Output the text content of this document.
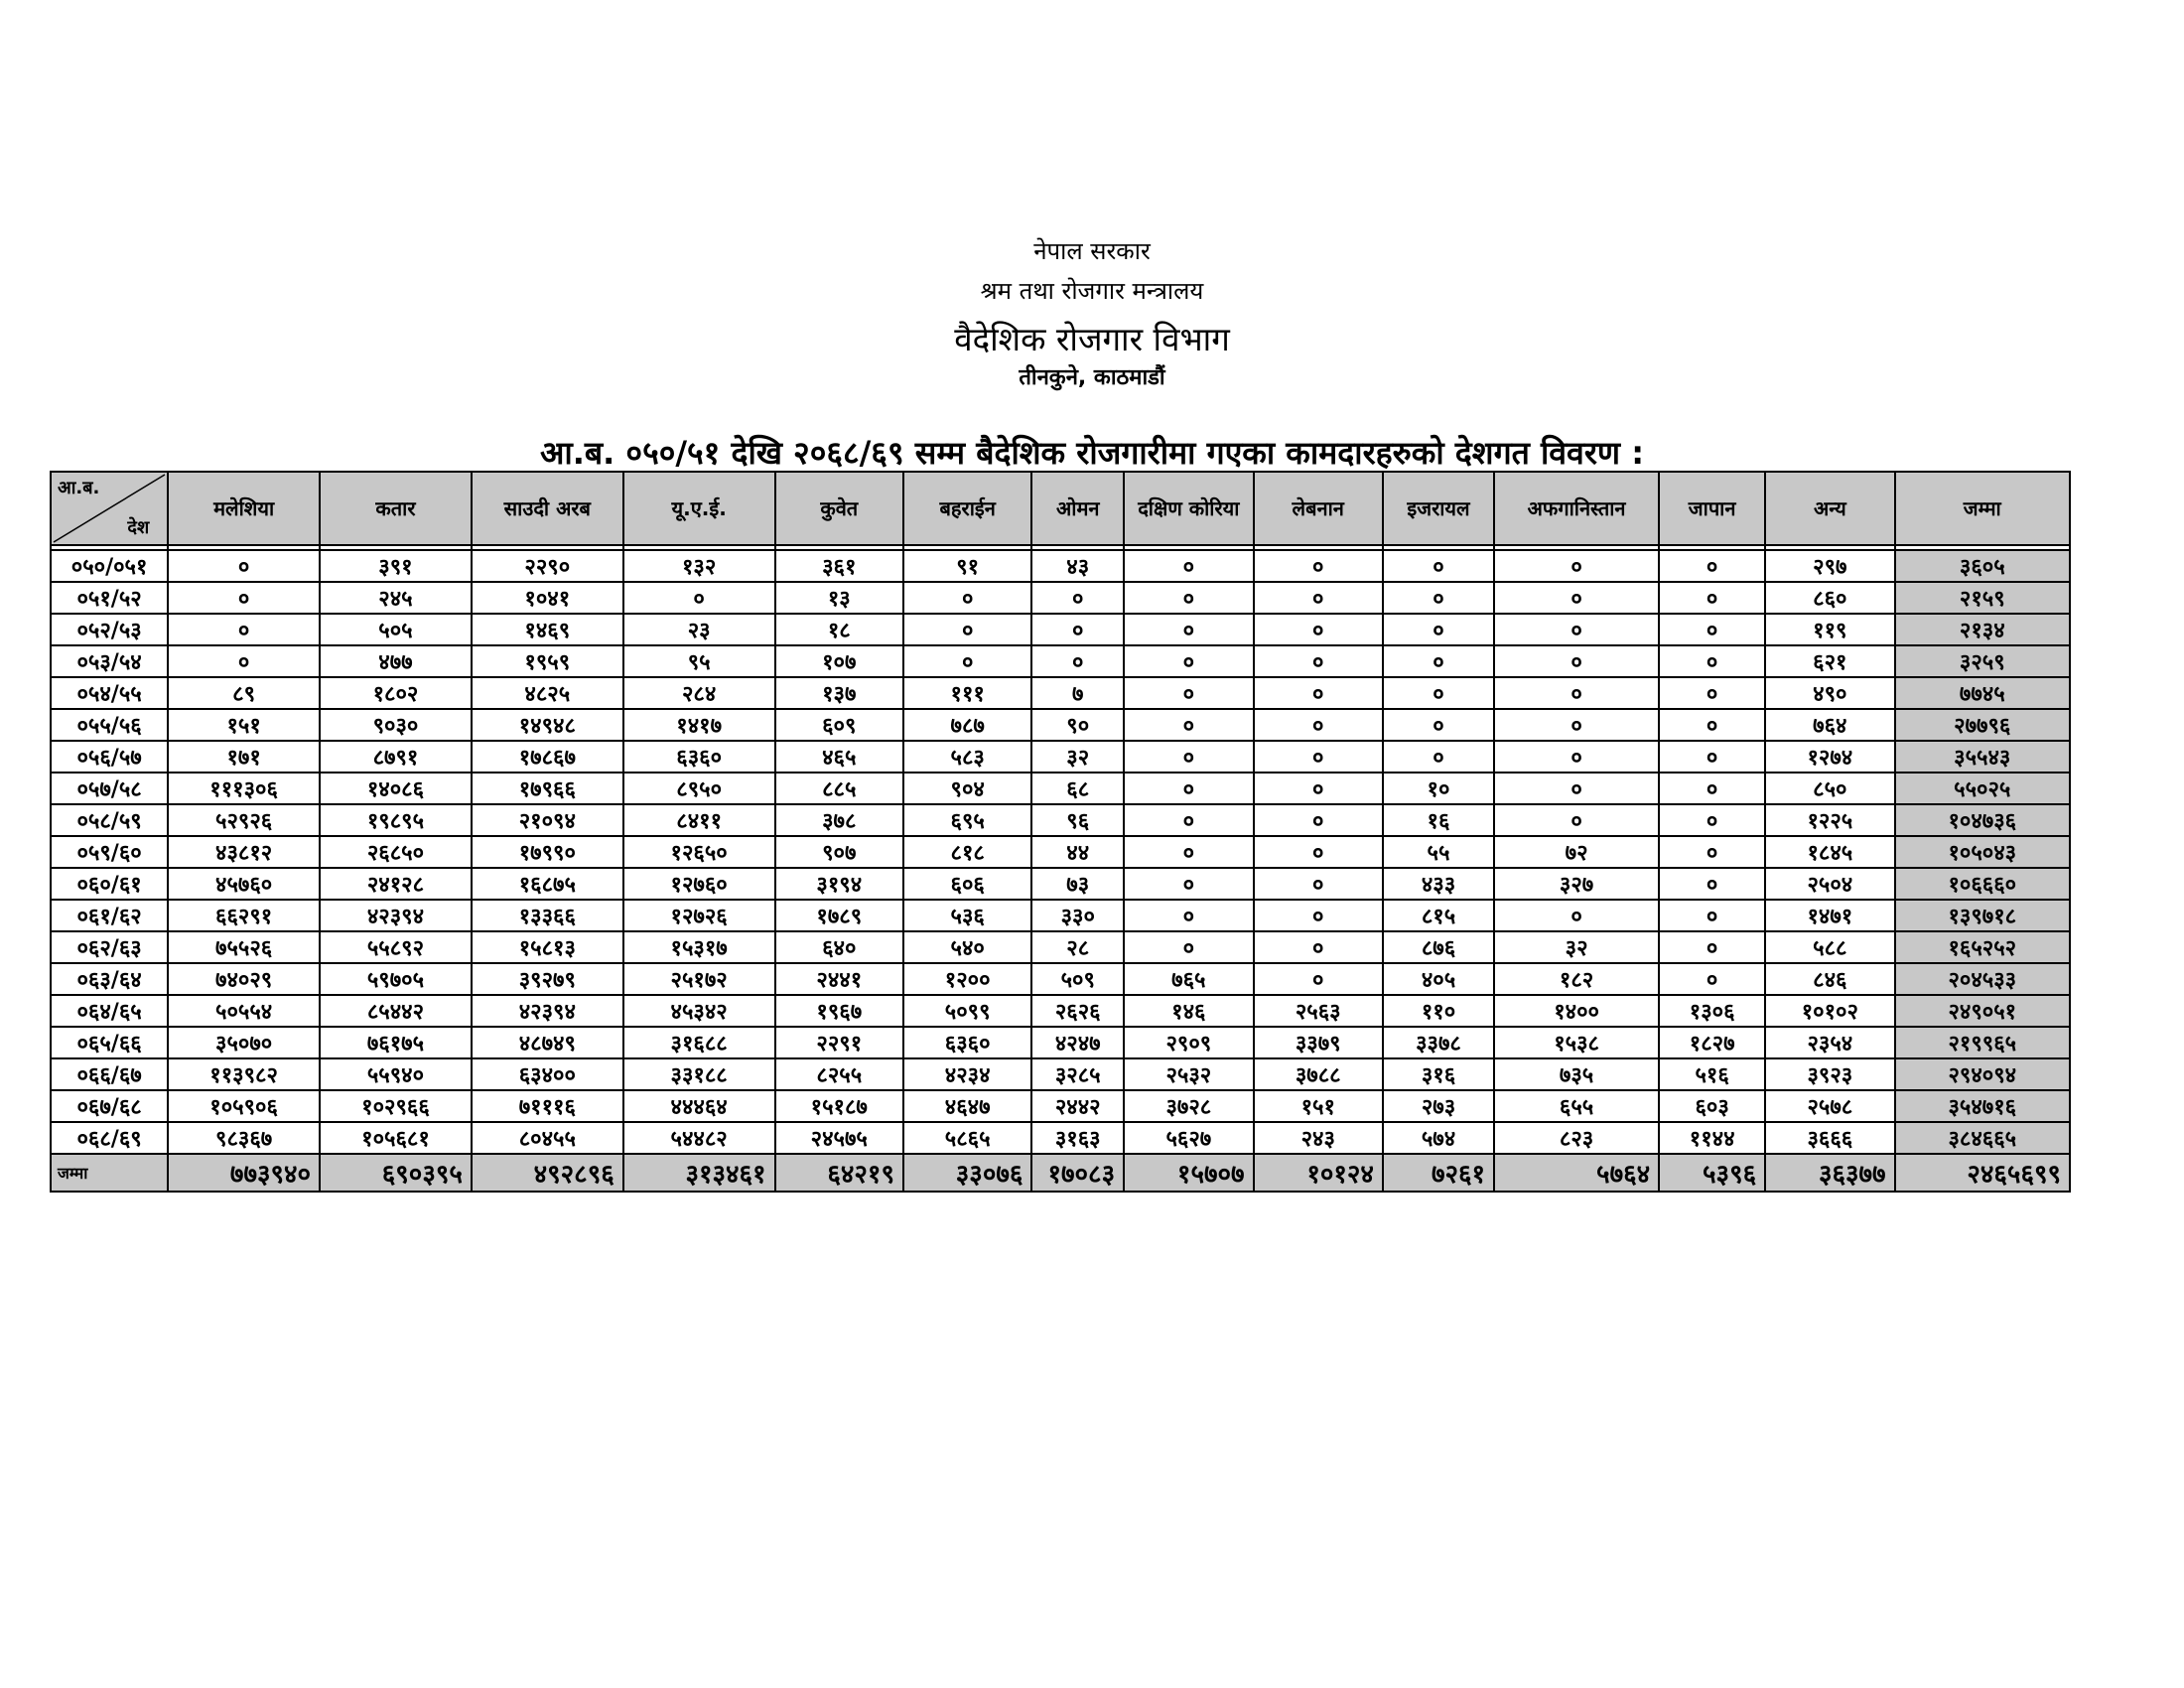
नेपाल सरकार
श्रम तथा रोजगार मन्त्रालय
वैदेशिक रोजगार विभाग
तीनकुने, काठमाडौं
आ.ब. ०५०/५१ देखि २०६८/६९ सम्म बैदेशिक रोजगारीमा गएका कामदारहरुको देशगत विवरण :
आ.ब.
देश	मलेशिया	कतार	साउदी अरब	यू.ए.ई.	कुवेत	बहराईन	ओमन	दक्षिण कोरिया	लेबनान	इजरायल	अफगानिस्तान	जापान	अन्य	जम्मा

०५०/०५१	०	३९१	२२९०	१३२	३६१	९१	४३	०	०	०	०	०	२९७	३६०५
०५१/५२	०	२४५	१०४१	०	१३	०	०	०	०	०	०	०	८६०	२१५९
०५२/५३	०	५०५	१४६९	२३	१८	०	०	०	०	०	०	०	११९	२१३४
०५३/५४	०	४७७	१९५९	९५	१०७	०	०	०	०	०	०	०	६२१	३२५९
०५४/५५	८९	१८०२	४८२५	२८४	१३७	१११	७	०	०	०	०	०	४९०	७७४५
०५५/५६	१५१	९०३०	१४९४८	१४१७	६०९	७८७	९०	०	०	०	०	०	७६४	२७७९६
०५६/५७	१७१	८७९१	१७८६७	६३६०	४६५	५८३	३२	०	०	०	०	०	१२७४	३५५४३
०५७/५८	१११३०६	१४०८६	१७९६६	८९५०	८८५	९०४	६८	०	०	१०	०	०	८५०	५५०२५
०५८/५९	५२९२६	१९८९५	२१०९४	८४११	३७८	६९५	९६	०	०	१६	०	०	१२२५	१०४७३६
०५९/६०	४३८१२	२६८५०	१७९९०	१२६५०	९०७	८१८	४४	०	०	५५	७२	०	१८४५	१०५०४३
०६०/६१	४५७६०	२४१२८	१६८७५	१२७६०	३१९४	६०६	७३	०	०	४३३	३२७	०	२५०४	१०६६६०
०६१/६२	६६२९१	४२३९४	१३३६६	१२७२६	१७८९	५३६	३३०	०	०	८१५	०	०	१४७१	१३९७१८
०६२/६३	७५५२६	५५८९२	१५८१३	१५३१७	६४०	५४०	२८	०	०	८७६	३२	०	५८८	१६५२५२
०६३/६४	७४०२९	५९७०५	३९२७९	२५१७२	२४४१	१२००	५०९	७६५	०	४०५	१८२	०	८४६	२०४५३३
०६४/६५	५०५५४	८५४४२	४२३९४	४५३४२	१९६७	५०९९	२६२६	१४६	२५६३	११०	१४००	१३०६	१०१०२	२४९०५१
०६५/६६	३५०७०	७६१७५	४८७४९	३१६८८	२२९१	६३६०	४२४७	२९०९	३३७९	३३७८	१५३८	१८२७	२३५४	२१९९६५
०६६/६७	११३९८२	५५९४०	६३४००	३३१८८	८२५५	४२३४	३२८५	२५३२	३७८८	३१६	७३५	५१६	३९२३	२९४०९४
०६७/६८	१०५९०६	१०२९६६	७१११६	४४४६४	१५१८७	४६४७	२४४२	३७२८	१५१	२७३	६५५	६०३	२५७८	३५४७१६
०६८/६९	९८३६७	१०५६८१	८०४५५	५४४८२	२४५७५	५८६५	३१६३	५६२७	२४३	५७४	८२३	११४४	३६६६	३८४६६५
जम्मा	७७३९४०	६९०३९५	४९२८९६	३१३४६१	६४२१९	३३०७६	१७०८३	१५७०७	१०१२४	७२६१	५७६४	५३९६	३६३७७	२४६५६९९
